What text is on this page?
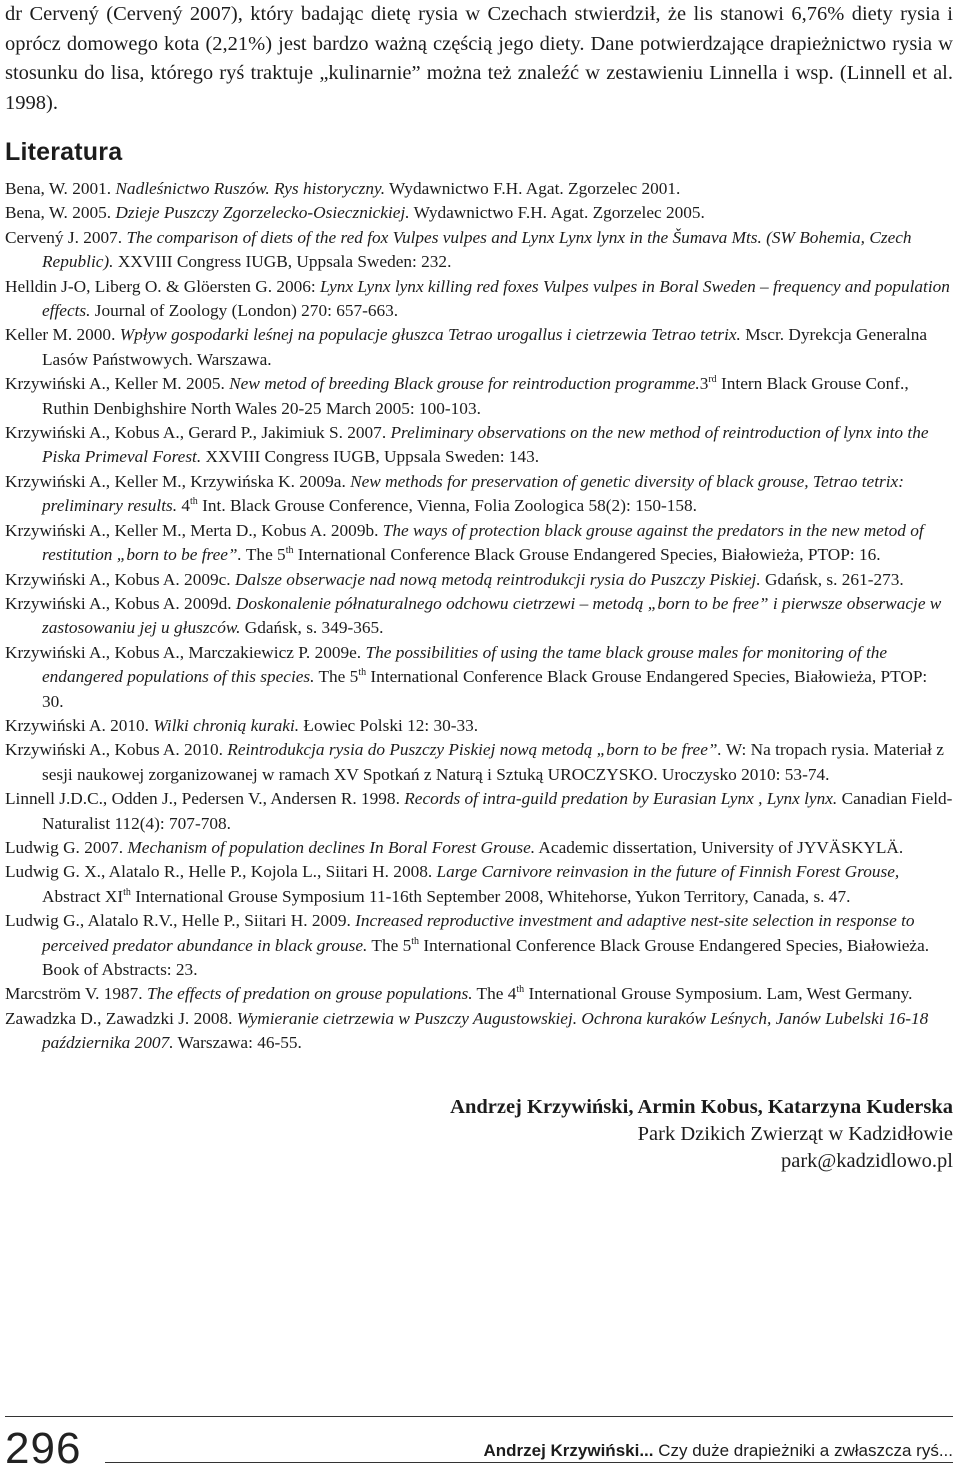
dr Cervený (Cervený 2007), który badając dietę rysia w Czechach stwierdził, że lis stanowi 6,76% diety rysia i oprócz domowego kota (2,21%) jest bardzo ważną częścią jego diety. Dane potwierdzające drapieżnictwo rysia w stosunku do lisa, którego ryś traktuje „kulinarnie” można też znaleźć w zestawieniu Linnella i wsp. (Linnell et al. 1998).

Literatura
Bena, W. 2001. Nadleśnictwo Ruszów. Rys historyczny. Wydawnictwo F.H. Agat. Zgorzelec 2001.
Bena, W. 2005. Dzieje Puszczy Zgorzelecko-Osiecznickiej. Wydawnictwo F.H. Agat. Zgorzelec 2005.
Cervený J. 2007. The comparison of diets of the red fox Vulpes vulpes and Lynx Lynx lynx in the Šumava Mts. (SW Bohemia, Czech Republic). XXVIII Congress IUGB, Uppsala Sweden: 232.
Helldin J-O, Liberg O. & Glöersten G. 2006: Lynx Lynx lynx killing red foxes Vulpes vulpes in Boral Sweden – frequency and population effects. Journal of Zoology (London) 270: 657-663.
Keller M. 2000. Wpływ gospodarki leśnej na populacje głuszca Tetrao urogallus i cietrzewia Tetrao tetrix. Mscr. Dyrekcja Generalna Lasów Państwowych. Warszawa.
Krzywiński A., Keller M. 2005. New metod of breeding Black grouse for reintroduction programme.3rd Intern Black Grouse Conf., Ruthin Denbighshire North Wales 20-25 March 2005: 100-103.
Krzywiński A., Kobus A., Gerard P., Jakimiuk S. 2007. Preliminary observations on the new method of reintroduction of lynx into the Piska Primeval Forest. XXVIII Congress IUGB, Uppsala Sweden: 143.
Krzywiński A., Keller M., Krzywińska K. 2009a. New methods for preservation of genetic diversity of black grouse, Tetrao tetrix: preliminary results. 4th Int. Black Grouse Conference, Vienna, Folia Zoologica 58(2): 150-158.
Krzywiński A., Keller M., Merta D., Kobus A. 2009b. The ways of protection black grouse against the predators in the new metod of restitution „born to be free”. The 5th International Conference Black Grouse Endangered Species, Białowieża, PTOP: 16.
Krzywiński A., Kobus A. 2009c. Dalsze obserwacje nad nową metodą reintrodukcji rysia do Puszczy Piskiej. Gdańsk, s. 261-273.
Krzywiński A., Kobus A. 2009d. Doskonalenie półnaturalnego odchowu cietrzewi – metodą „born to be free” i pierwsze obserwacje w zastosowaniu jej u głuszców. Gdańsk, s. 349-365.
Krzywiński A., Kobus A., Marczakiewicz P. 2009e. The possibilities of using the tame black grouse males for monitoring of the endangered populations of this species. The 5th International Conference Black Grouse Endangered Species, Białowieża, PTOP: 30.
Krzywiński A. 2010. Wilki chronią kuraki. Łowiec Polski 12: 30-33.
Krzywiński A., Kobus A. 2010. Reintrodukcja rysia do Puszczy Piskiej nową metodą „born to be free”. W: Na tropach rysia. Materiał z sesji naukowej zorganizowanej w ramach XV Spotkań z Naturą i Sztuką UROCZYSKO. Uroczysko 2010: 53-74.
Linnell J.D.C., Odden J., Pedersen V., Andersen R. 1998. Records of intra-guild predation by Eurasian Lynx , Lynx lynx. Canadian Field-Naturalist 112(4): 707-708.
Ludwig G. 2007. Mechanism of population declines In Boral Forest Grouse. Academic dissertation, University of JYVÄSKYLÄ.
Ludwig G. X., Alatalo R., Helle P., Kojola L., Siitari H. 2008. Large Carnivore reinvasion in the future of Finnish Forest Grouse, Abstract XIth International Grouse Symposium 11-16th September 2008, Whitehorse, Yukon Territory, Canada, s. 47.
Ludwig G., Alatalo R.V., Helle P., Siitari H. 2009. Increased reproductive investment and adaptive nest-site selection in response to perceived predator abundance in black grouse. The 5th International Conference Black Grouse Endangered Species, Białowieża. Book of Abstracts: 23.
Marcström V. 1987. The effects of predation on grouse populations. The 4th International Grouse Symposium. Lam, West Germany.
Zawadzka D., Zawadzki J. 2008. Wymieranie cietrzewia w Puszczy Augustowskiej. Ochrona kuraków Leśnych, Janów Lubelski 16-18 października 2007. Warszawa: 46-55.
Andrzej Krzywiński, Armin Kobus, Katarzyna Kuderska
Park Dzikich Zwierząt w Kadzidłowie
park@kadzidlowo.pl
296	Andrzej Krzywiński... Czy duże drapieżniki a zwłaszcza ryś...
